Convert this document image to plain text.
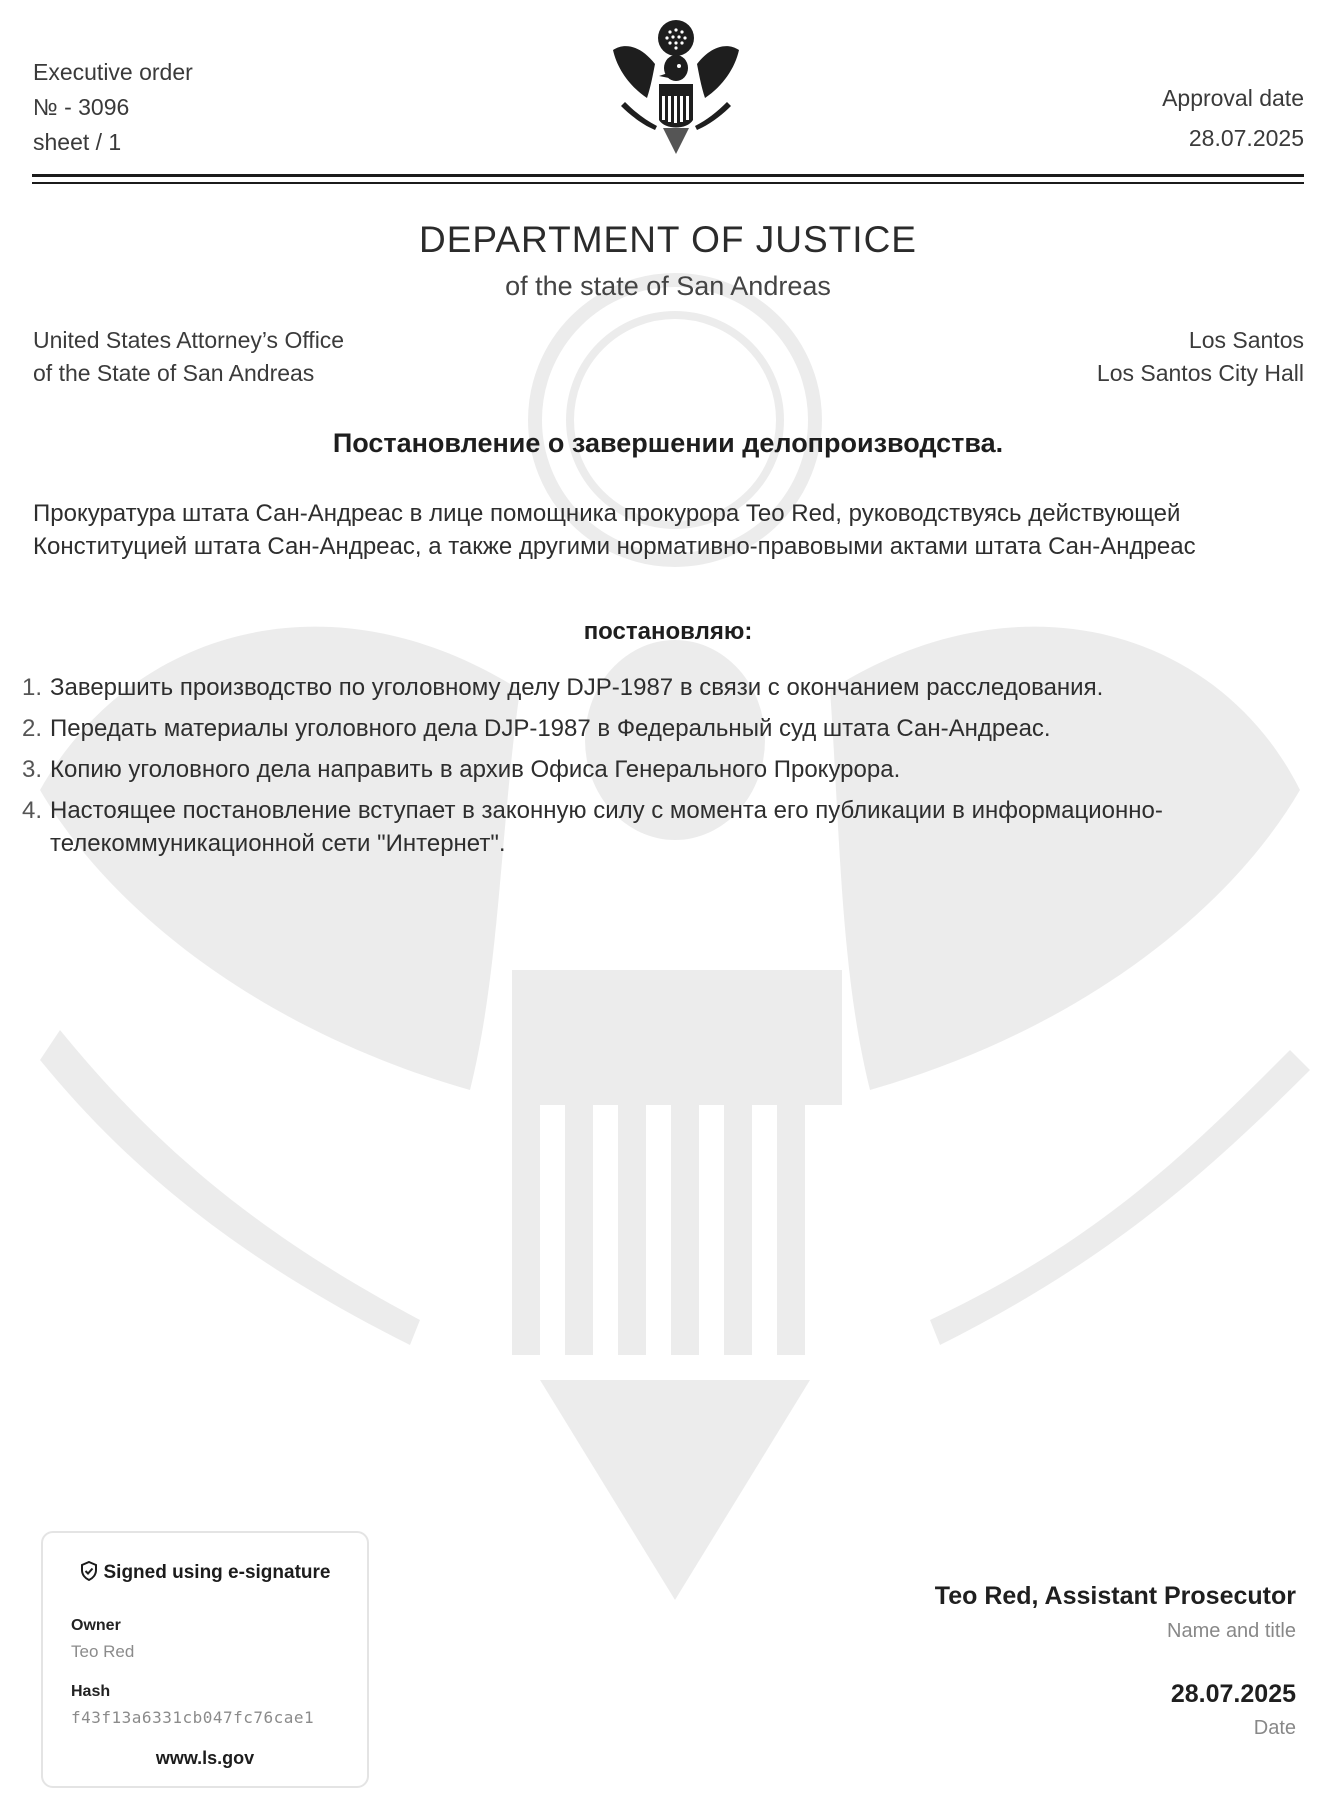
Executive order
№ - 3096
sheet / 1
Approval date
28.07.2025
DEPARTMENT OF JUSTICE
of the state of San Andreas
United States Attorney’s Office
of the State of San Andreas
Los Santos
Los Santos City Hall
Постановление о завершении делопроизводства.
Прокуратура штата Сан-Андреас в лице помощника прокурора Teo Red, руководствуясь действующей Конституцией штата Сан-Андреас, а также другими нормативно-правовыми актами штата Сан-Андреас
постановляю:
1. Завершить производство по уголовному делу DJP-1987 в связи с окончанием расследования.
2. Передать материалы уголовного дела DJP-1987 в Федеральный суд штата Сан-Андреас.
3. Копию уголовного дела направить в архив Офиса Генерального Прокурора.
4. Настоящее постановление вступает в законную силу с момента его публикации в информационно-телекоммуникационной сети "Интернет".
Signed using e-signature
Owner
Teo Red
Hash
f43f13a6331cb047fc76cae1
www.ls.gov
Teo Red, Assistant Prosecutor
Name and title
28.07.2025
Date
